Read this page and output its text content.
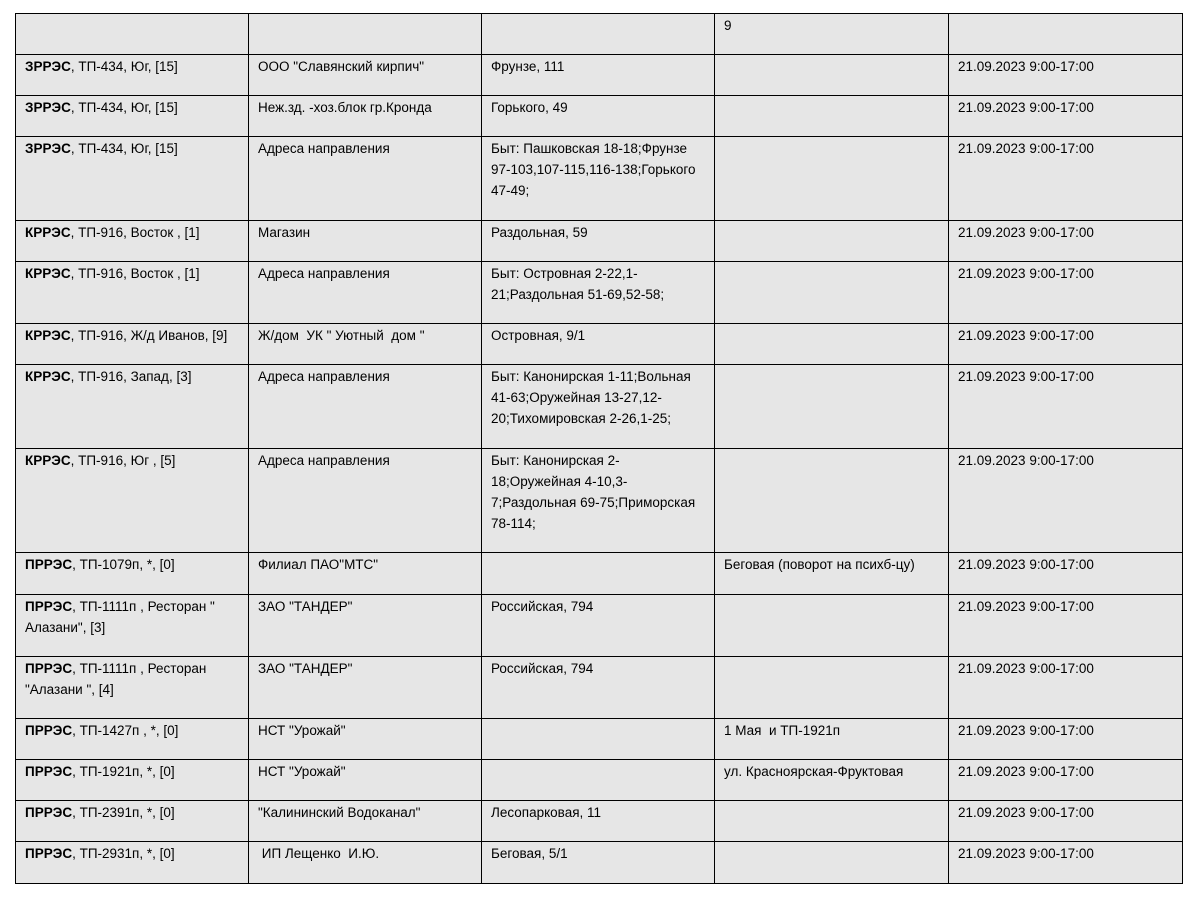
			9	
ЗРРЭС, ТП-434, Юг, [15]	ООО "Славянский кирпич"	Фрунзе, 111		21.09.2023 9:00-17:00
ЗРРЭС, ТП-434, Юг, [15]	Неж.зд. -хоз.блок гр.Кронда	Горького, 49		21.09.2023 9:00-17:00
ЗРРЭС, ТП-434, Юг, [15]	Адреса направления	Быт: Пашковская 18-18;Фрунзе 97-103,107-115,116-138;Горького 47-49;		21.09.2023 9:00-17:00
КРРЭС, ТП-916, Восток , [1]	Магазин	Раздольная, 59		21.09.2023 9:00-17:00
КРРЭС, ТП-916, Восток , [1]	Адреса направления	Быт: Островная 2-22,1-21;Раздольная 51-69,52-58;		21.09.2023 9:00-17:00
КРРЭС, ТП-916, Ж/д Иванов, [9]	Ж/дом  УК " Уютный  дом "	Островная, 9/1		21.09.2023 9:00-17:00
КРРЭС, ТП-916, Запад, [3]	Адреса направления	Быт: Канонирская 1-11;Вольная 41-63;Оружейная 13-27,12-20;Тихомировская 2-26,1-25;		21.09.2023 9:00-17:00
КРРЭС, ТП-916, Юг , [5]	Адреса направления	Быт: Канонирская 2-18;Оружейная 4-10,3-7;Раздольная 69-75;Приморская 78-114;		21.09.2023 9:00-17:00
ПРРЭС, ТП-1079п, *, [0]	Филиал ПАО"МТС"		Беговая (поворот на психб-цу)	21.09.2023 9:00-17:00
ПРРЭС, ТП-1111п , Ресторан " Алазани", [3]	ЗАО "ТАНДЕР"	Российская, 794		21.09.2023 9:00-17:00
ПРРЭС, ТП-1111п , Ресторан "Алазани ", [4]	ЗАО "ТАНДЕР"	Российская, 794		21.09.2023 9:00-17:00
ПРРЭС, ТП-1427п , *, [0]	НСТ "Урожай"		1 Мая  и ТП-1921п	21.09.2023 9:00-17:00
ПРРЭС, ТП-1921п, *, [0]	НСТ "Урожай"		ул. Красноярская-Фруктовая	21.09.2023 9:00-17:00
ПРРЭС, ТП-2391п, *, [0]	"Калининский Водоканал"	Лесопарковая, 11		21.09.2023 9:00-17:00
ПРРЭС, ТП-2931п, *, [0]	ИП Лещенко  И.Ю.	Беговая, 5/1		21.09.2023 9:00-17:00
